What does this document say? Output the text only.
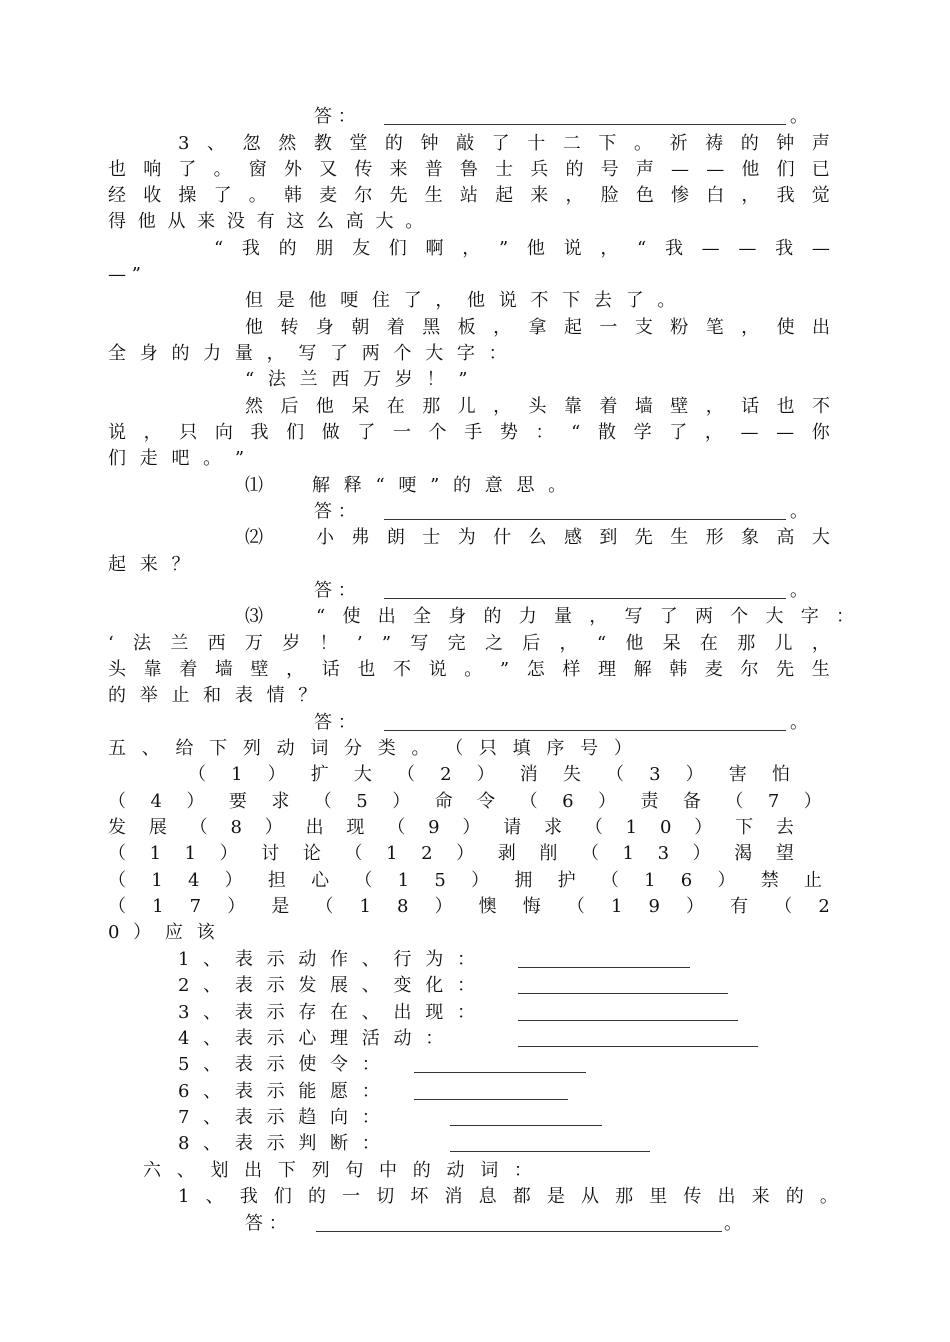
答 ：	。
3 、 忽 然 教 堂 的 钟 敲 了 十 二 下 。 祈 祷 的 钟 声
也 响 了 。 窗 外 又 传 来 普 鲁 士 兵 的 号 声 — — 他 们 已
经 收 操 了 。 韩 麦 尔 先 生 站 起 来 ， 脸 色 惨 白 ， 我 觉
得 他 从 来 没 有 这 么 高 大 。
“ 我 的 朋 友 们 啊 ， ” 他 说 ， “ 我 — — 我 —
— ”
但 是 他 哽 住 了 ， 他 说 不 下 去 了 。
他 转 身 朝 着 黑 板 ， 拿 起 一 支 粉 笔 ， 使 出
全 身 的 力 量 ， 写 了 两 个 大 字 ：
“ 法 兰 西 万 岁 ！ ”
然 后 他 呆 在 那 儿 ， 头 靠 着 墙 壁 ， 话 也 不
说 ， 只 向 我 们 做 了 一 个 手 势 ： “ 散 学 了 ， — — 你
们 走 吧 。 ”
⑴	解 释 “ 哽 ” 的 意 思 。
答 ：	。
⑵	小 弗 朗 士 为 什 么 感 到 先 生 形 象 高 大
起 来 ？
答 ：	。
⑶	“ 使 出 全 身 的 力 量 ， 写 了 两 个 大 字 ：
‘ 法 兰 西 万 岁 ！ ’ ” 写 完 之 后 ， “ 他 呆 在 那 儿 ，
头 靠 着 墙 壁 ， 话 也 不 说 。 ” 怎 样 理 解 韩 麦 尔 先 生
的 举 止 和 表 情 ？
答 ：	。
五 、 给 下 列 动 词 分 类 。 （ 只 填 序 号 ）
（ 1 ） 扩 大 （ 2 ） 消 失 （ 3 ） 害 怕
（ 4 ） 要 求 （ 5 ） 命 令 （ 6 ） 责 备 （ 7 ）
发 展 （ 8 ） 出 现 （ 9 ） 请 求 （ 1 0 ） 下 去
（ 1 1 ） 讨 论 （ 1 2 ） 剥 削 （ 1 3 ） 渴 望
（ 1 4 ） 担 心 （ 1 5 ） 拥 护 （ 1 6 ） 禁 止
（ 1 7 ） 是 （ 1 8 ） 懊 悔 （ 1 9 ） 有 （ 2
0 ） 应 该
1 、 表 示 动 作 、 行 为 ：
2 、 表 示 发 展 、 变 化 ：
3 、 表 示 存 在 、 出 现 ：
4 、 表 示 心 理 活 动 ：
5 、 表 示 使 令 ：
6 、 表 示 能 愿 ：
7 、 表 示 趋 向 ：
8 、 表 示 判 断 ：
六 、 划 出 下 列 句 中 的 动 词 ：
1 、 我 们 的 一 切 坏 消 息 都 是 从 那 里 传 出 来 的 。
答 ：	。
